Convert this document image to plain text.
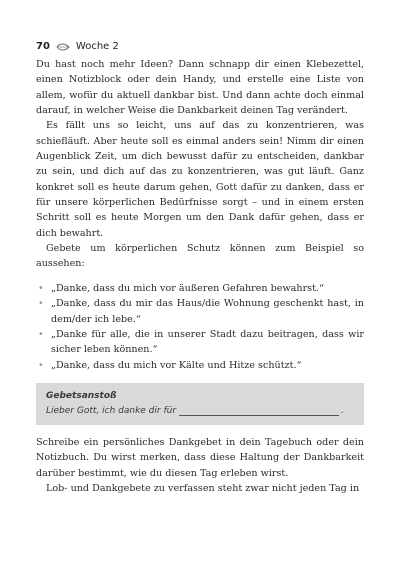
70	Woche 2

Du hast noch mehr Ideen? Dann schnapp dir einen Klebezettel, einen Notizblock oder dein Handy, und erstelle eine Liste von allem, wofür du aktuell dankbar bist. Und dann achte doch einmal darauf, in welcher Weise die Dankbarkeit deinen Tag verändert.

Es fällt uns so leicht, uns auf das zu konzentrieren, was schiefläuft. Aber heute soll es einmal anders sein! Nimm dir einen Augenblick Zeit, um dich bewusst dafür zu entscheiden, dankbar zu sein, und dich auf das zu konzentrieren, was gut läuft. Ganz konkret soll es heute darum gehen, Gott dafür zu danken, dass er für unsere körperlichen Bedürfnisse sorgt – und in einem ersten Schritt soll es heute Morgen um den Dank dafür gehen, dass er dich bewahrt.

Gebete um körperlichen Schutz können zum Beispiel so aussehen:

• „Danke, dass du mich vor äußeren Gefahren bewahrst.“
• „Danke, dass du mir das Haus/die Wohnung geschenkt hast, in dem/der ich lebe.“
• „Danke für alle, die in unserer Stadt dazu beitragen, dass wir sicher leben können.“
• „Danke, dass du mich vor Kälte und Hitze schützt.“
Gebetsanstoß
Lieber Gott, ich danke dir für	.

Schreibe ein persönliches Dankgebet in dein Tagebuch oder dein Notizbuch. Du wirst merken, dass diese Haltung der Dankbarkeit darüber bestimmt, wie du diesen Tag erleben wirst.

Lob- und Dankgebete zu verfassen steht zwar nicht jeden Tag in
